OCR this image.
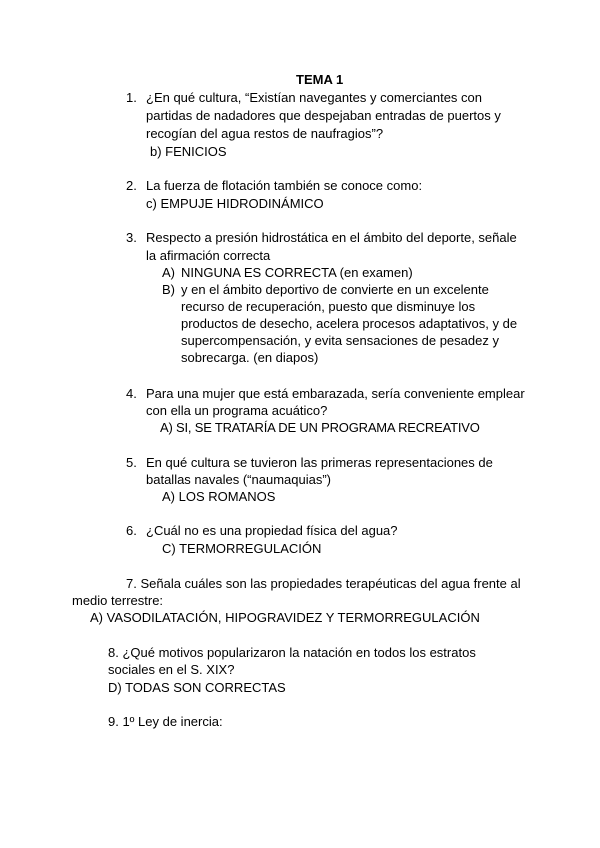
TEMA 1
1. ¿En qué cultura, “Existían navegantes y comerciantes con
partidas de nadadores que despejaban entradas de puertos y
recogían del agua restos de naufragios”?
b) FENICIOS
2. La fuerza de flotación también se conoce como:
c) EMPUJE HIDRODINÁMICO
3. Respecto a presión hidrostática en el ámbito del deporte, señale
la afirmación correcta
A) NINGUNA ES CORRECTA (en examen)
B) y en el ámbito deportivo de convierte en un excelente
recurso de recuperación, puesto que disminuye los
productos de desecho, acelera procesos adaptativos, y de
supercompensación, y evita sensaciones de pesadez y
sobrecarga. (en diapos)
4. Para una mujer que está embarazada, sería conveniente emplear
con ella un programa acuático?
A) SI, SE TRATARÍA DE UN PROGRAMA RECREATIVO
5. En qué cultura se tuvieron las primeras representaciones de
batallas navales (“naumaquias”)
A) LOS ROMANOS
6. ¿Cuál no es una propiedad física del agua?
C) TERMORREGULACIÓN
7. Señala cuáles son las propiedades terapéuticas del agua frente al
medio terrestre:
A) VASODILATACIÓN, HIPOGRAVIDEZ Y TERMORREGULACIÓN
8. ¿Qué motivos popularizaron la natación en todos los estratos
sociales en el S. XIX?
D) TODAS SON CORRECTAS
9. 1º Ley de inercia:
